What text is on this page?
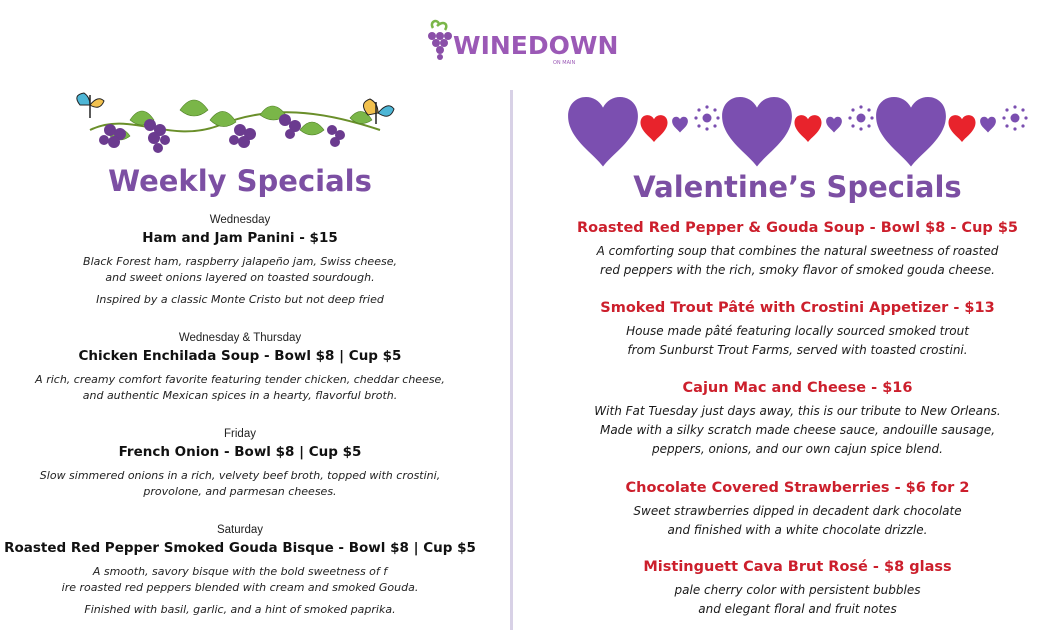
WINEDOWN
ON MAIN
Weekly Specials
Wednesday
Ham and Jam Panini - $15
Black Forest ham, raspberry jalapeño jam, Swiss cheese,
and sweet onions layered on toasted sourdough.
Inspired by a classic Monte Cristo but not deep fried
Wednesday & Thursday
Chicken Enchilada Soup - Bowl $8 | Cup $5
A rich, creamy comfort favorite featuring tender chicken, cheddar cheese,
and authentic Mexican spices in a hearty, flavorful broth.
Friday
French Onion - Bowl $8 | Cup $5
Slow simmered onions in a rich, velvety beef broth, topped with crostini,
provolone, and parmesan cheeses.
Saturday
Roasted Red Pepper Smoked Gouda Bisque - Bowl $8 | Cup $5
A smooth, savory bisque with the bold sweetness of f
ire roasted red peppers blended with cream and smoked Gouda.
Finished with basil, garlic, and a hint of smoked paprika.
Valentine’s Specials
Roasted Red Pepper & Gouda Soup - Bowl $8 - Cup $5
A comforting soup that combines the natural sweetness of roasted
red peppers with the rich, smoky flavor of smoked gouda cheese.
Smoked Trout Pâté with Crostini Appetizer - $13
House made pâté featuring locally sourced smoked trout
from Sunburst Trout Farms, served with toasted crostini.
Cajun Mac and Cheese - $16
With Fat Tuesday just days away, this is our tribute to New Orleans.
Made with a silky scratch made cheese sauce, andouille sausage,
peppers, onions, and our own cajun spice blend.
Chocolate Covered Strawberries - $6 for 2
Sweet strawberries dipped in decadent dark chocolate
and finished with a white chocolate drizzle.
Mistinguett Cava Brut Rosé - $8 glass
pale cherry color with persistent bubbles
and elegant floral and fruit notes
